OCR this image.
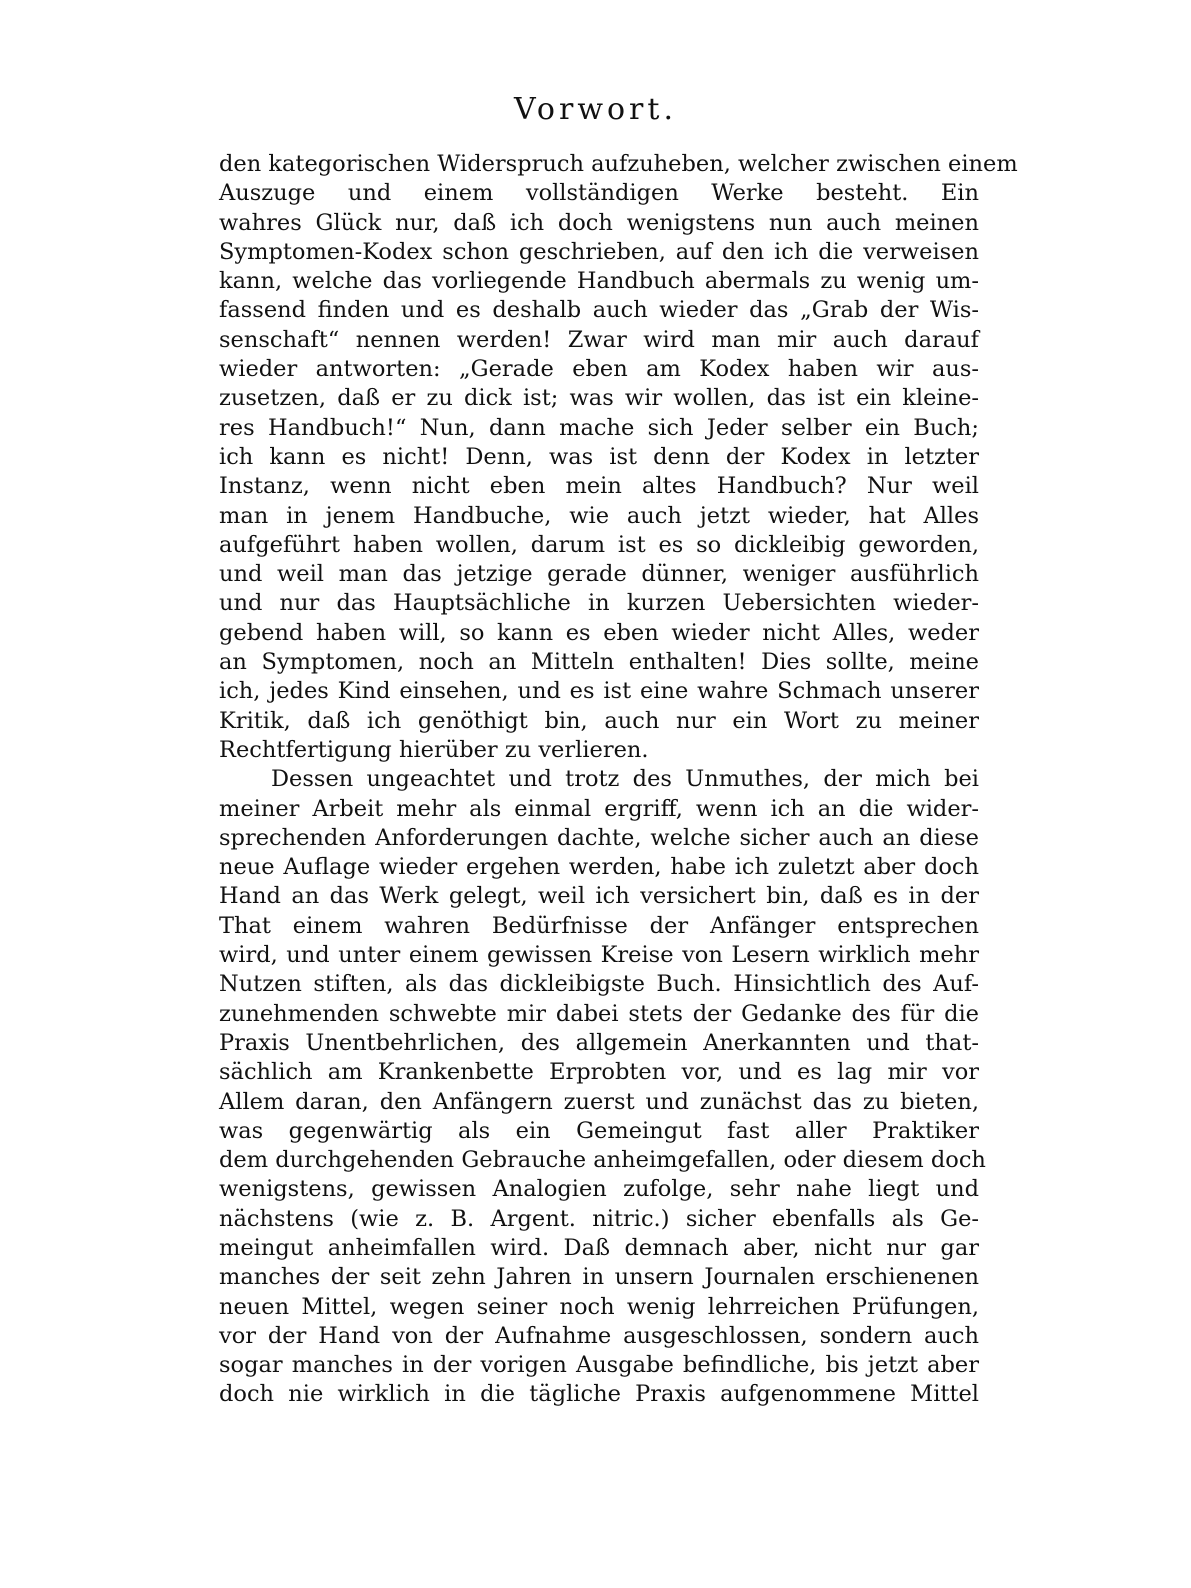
Vorwort.
den kategorischen Widerspruch aufzuheben, welcher zwischen einem
Auszuge und einem vollständigen Werke besteht. Ein
wahres Glück nur, daß ich doch wenigstens nun auch meinen
Symptomen-Kodex schon geschrieben, auf den ich die verweisen
kann, welche das vorliegende Handbuch abermals zu wenig um-
fassend finden und es deshalb auch wieder das „Grab der Wis-
senschaft“ nennen werden! Zwar wird man mir auch darauf
wieder antworten: „Gerade eben am Kodex haben wir aus-
zusetzen, daß er zu dick ist; was wir wollen, das ist ein kleine-
res Handbuch!“ Nun, dann mache sich Jeder selber ein Buch;
ich kann es nicht! Denn, was ist denn der Kodex in letzter
Instanz, wenn nicht eben mein altes Handbuch? Nur weil
man in jenem Handbuche, wie auch jetzt wieder, hat Alles
aufgeführt haben wollen, darum ist es so dickleibig geworden,
und weil man das jetzige gerade dünner, weniger ausführlich
und nur das Hauptsächliche in kurzen Uebersichten wieder-
gebend haben will, so kann es eben wieder nicht Alles, weder
an Symptomen, noch an Mitteln enthalten! Dies sollte, meine
ich, jedes Kind einsehen, und es ist eine wahre Schmach unserer
Kritik, daß ich genöthigt bin, auch nur ein Wort zu meiner
Rechtfertigung hierüber zu verlieren.
Dessen ungeachtet und trotz des Unmuthes, der mich bei
meiner Arbeit mehr als einmal ergriff, wenn ich an die wider-
sprechenden Anforderungen dachte, welche sicher auch an diese
neue Auflage wieder ergehen werden, habe ich zuletzt aber doch
Hand an das Werk gelegt, weil ich versichert bin, daß es in der
That einem wahren Bedürfnisse der Anfänger entsprechen
wird, und unter einem gewissen Kreise von Lesern wirklich mehr
Nutzen stiften, als das dickleibigste Buch. Hinsichtlich des Auf-
zunehmenden schwebte mir dabei stets der Gedanke des für die
Praxis Unentbehrlichen, des allgemein Anerkannten und that-
sächlich am Krankenbette Erprobten vor, und es lag mir vor
Allem daran, den Anfängern zuerst und zunächst das zu bieten,
was gegenwärtig als ein Gemeingut fast aller Praktiker
dem durchgehenden Gebrauche anheimgefallen, oder diesem doch
wenigstens, gewissen Analogien zufolge, sehr nahe liegt und
nächstens (wie z. B. Argent. nitric.) sicher ebenfalls als Ge-
meingut anheimfallen wird. Daß demnach aber, nicht nur gar
manches der seit zehn Jahren in unsern Journalen erschienenen
neuen Mittel, wegen seiner noch wenig lehrreichen Prüfungen,
vor der Hand von der Aufnahme ausgeschlossen, sondern auch
sogar manches in der vorigen Ausgabe befindliche, bis jetzt aber
doch nie wirklich in die tägliche Praxis aufgenommene Mittel
